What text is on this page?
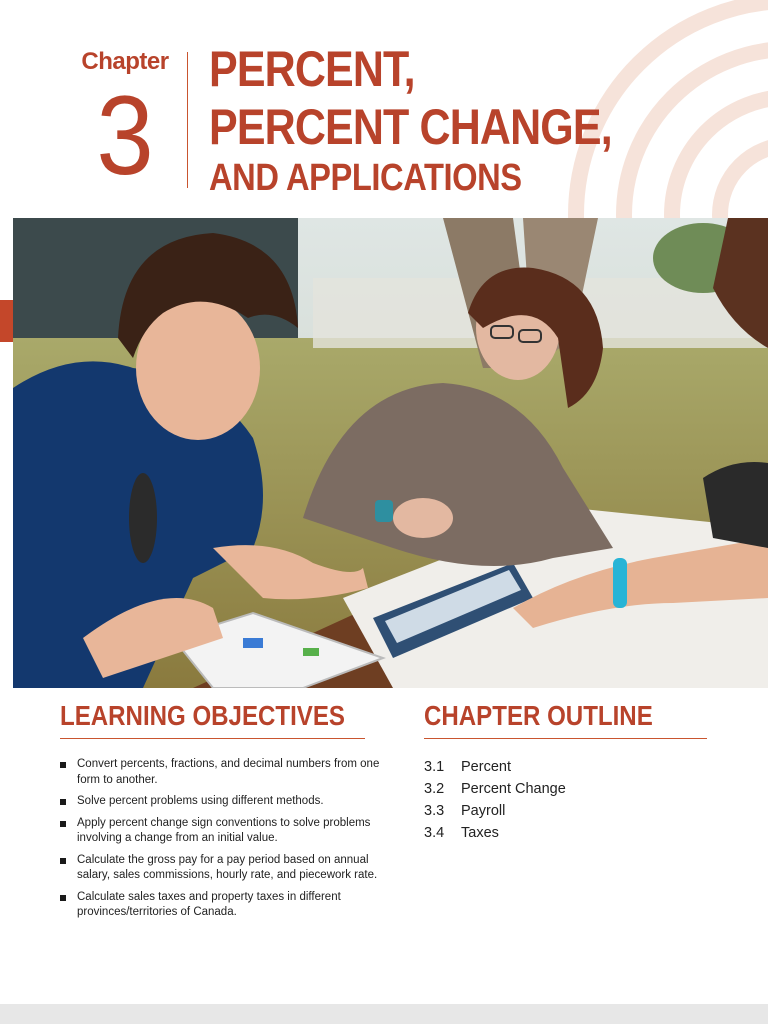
Chapter
3
PERCENT,
PERCENT CHANGE,
AND APPLICATIONS
LEARNING OBJECTIVES
Convert percents, fractions, and decimal numbers from one form to another.
Solve percent problems using different methods.
Apply percent change sign conventions to solve problems involving a change from an initial value.
Calculate the gross pay for a pay period based on annual salary, sales commissions, hourly rate, and piecework rate.
Calculate sales taxes and property taxes in different provinces/territories of Canada.
CHAPTER OUTLINE
3.1 Percent
3.2 Percent Change
3.3 Payroll
3.4 Taxes
